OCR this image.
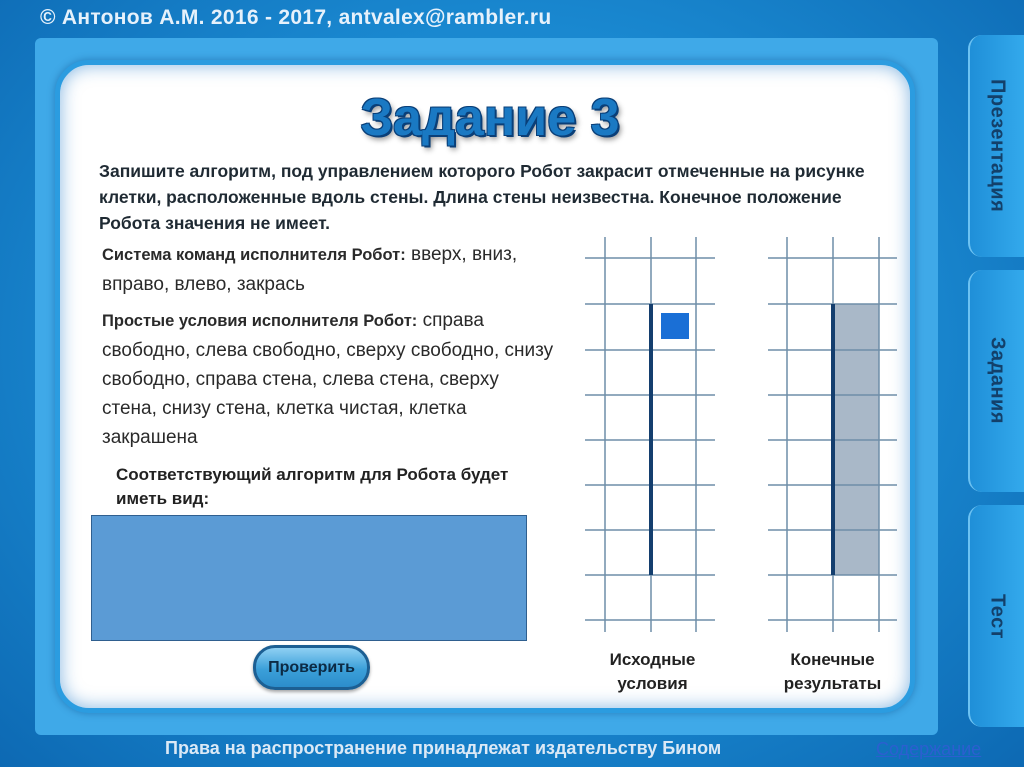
© Антонов А.М. 2016 - 2017, antvalex@rambler.ru
Задание 3
Запишите алгоритм, под управлением которого Робот закрасит отмеченные на рисунке клетки, расположенные вдоль стены. Длина стены неизвестна. Конечное положение Робота значения не имеет.
Система команд исполнителя Робот: вверх, вниз, вправо, влево, закрась
Простые условия исполнителя Робот: справа свободно, слева свободно, сверху свободно, снизу свободно, справа стена, слева стена, сверху стена, снизу стена, клетка чистая, клетка закрашена
Соответствующий алгоритм для Робота будет иметь вид:
Проверить	Исходные условия
Конечные результаты
Презентация
Задания
Тест
Права на распространение принадлежат издательству Бином	Содержание
